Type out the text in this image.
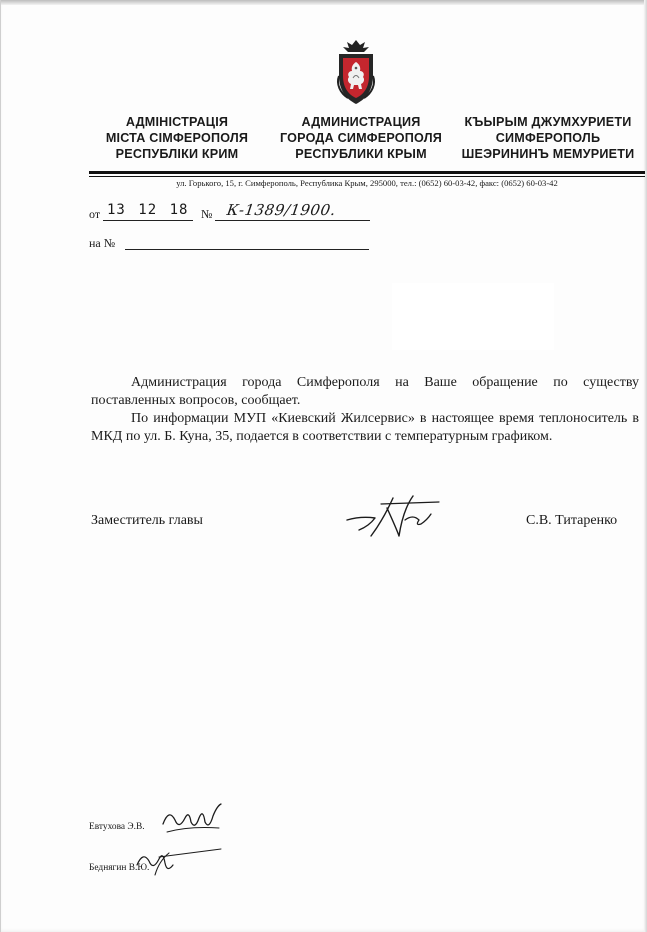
АДМІНІСТРАЦІЯ
МІСТА СІМФЕРОПОЛЯ
РЕСПУБЛІКИ КРИМ
АДМИНИСТРАЦИЯ
ГОРОДА СИМФЕРОПОЛЯ
РЕСПУБЛИКИ КРЫМ
КЪЫРЫМ ДЖУМХУРИЕТИ
СИМФЕРОПОЛЬ
ШЕЭРИНИНЪ МЕМУРИЕТИ
ул. Горького, 15, г. Симферополь, Республика Крым, 295000, тел.: (0652) 60-03-42, факс: (0652) 60-03-42
от 13 12 18 № К-1389/1900.
на №

Администрация города Симферополя на Ваше обращение по существу поставленных вопросов, сообщает.

По информации МУП «Киевский Жилсервис» в настоящее время теплоноситель в МКД по ул. Б. Куна, 35, подается в соответствии с температурным графиком.

Заместитель главы	С.В. Титаренко
Евтухова Э.В.
Беднягин В.Ю.
